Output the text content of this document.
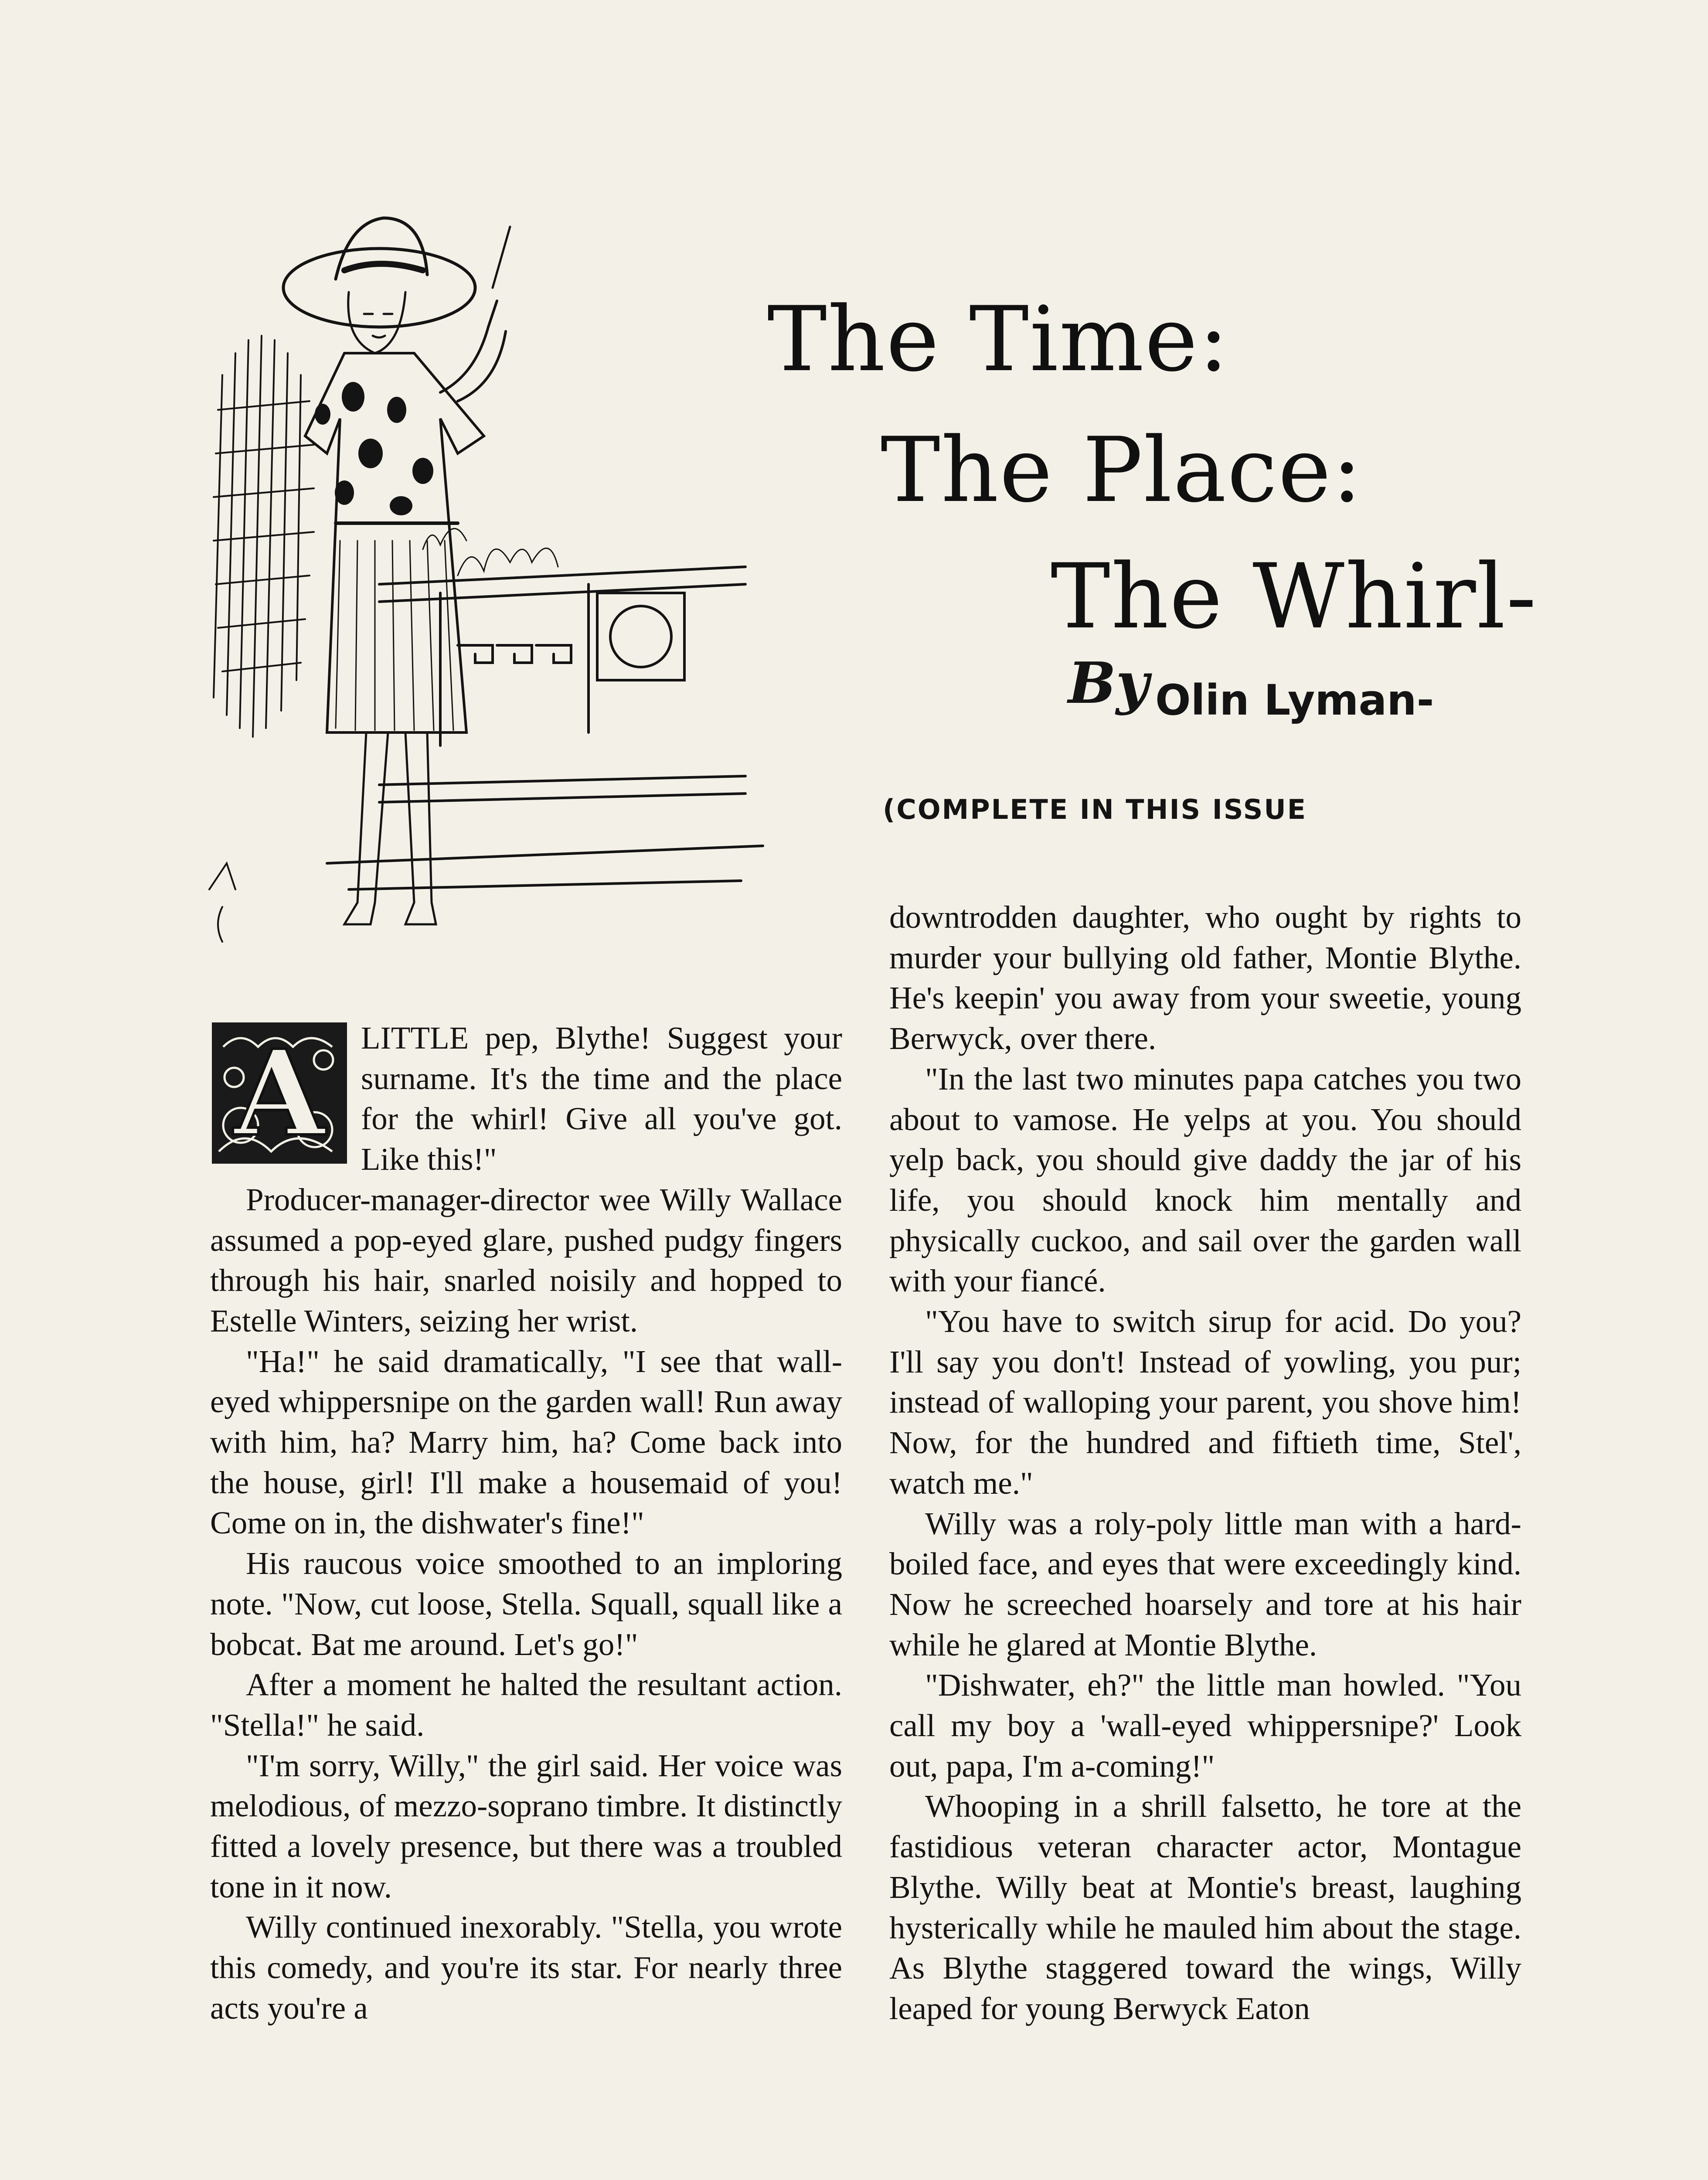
The Time:
The Place:
The Whirl-
By Olin Lyman-
(COMPLETE IN THIS ISSUE
A	LITTLE pep, Blythe! Suggest your surname. It's the time and the place for the whirl! Give all you've got. Like this!"

Producer-manager-director wee Willy Wallace assumed a pop-eyed glare, pushed pudgy fingers through his hair, snarled noisily and hopped to Estelle Winters, seizing her wrist.

"Ha!" he said dramatically, "I see that wall-eyed whippersnipe on the garden wall! Run away with him, ha? Marry him, ha? Come back into the house, girl! I'll make a housemaid of you! Come on in, the dishwater's fine!"

His raucous voice smoothed to an imploring note. "Now, cut loose, Stella. Squall, squall like a bobcat. Bat me around. Let's go!"

After a moment he halted the resultant action. "Stella!" he said.

"I'm sorry, Willy," the girl said. Her voice was melodious, of mezzo-soprano timbre. It distinctly fitted a lovely presence, but there was a troubled tone in it now.

Willy continued inexorably. "Stella, you wrote this comedy, and you're its star. For nearly three acts you're a

downtrodden daughter, who ought by rights to murder your bullying old father, Montie Blythe. He's keepin' you away from your sweetie, young Berwyck, over there.

"In the last two minutes papa catches you two about to vamose. He yelps at you. You should yelp back, you should give daddy the jar of his life, you should knock him mentally and physically cuckoo, and sail over the garden wall with your fiancé.

"You have to switch sirup for acid. Do you? I'll say you don't! Instead of yowling, you pur; instead of walloping your parent, you shove him! Now, for the hundred and fiftieth time, Stel', watch me."

Willy was a roly-poly little man with a hard-boiled face, and eyes that were exceedingly kind. Now he screeched hoarsely and tore at his hair while he glared at Montie Blythe.

"Dishwater, eh?" the little man howled. "You call my boy a 'wall-eyed whippersnipe?' Look out, papa, I'm a-coming!"

Whooping in a shrill falsetto, he tore at the fastidious veteran character actor, Montague Blythe. Willy beat at Montie's breast, laughing hysterically while he mauled him about the stage. As Blythe staggered toward the wings, Willy leaped for young Berwyck Eaton
